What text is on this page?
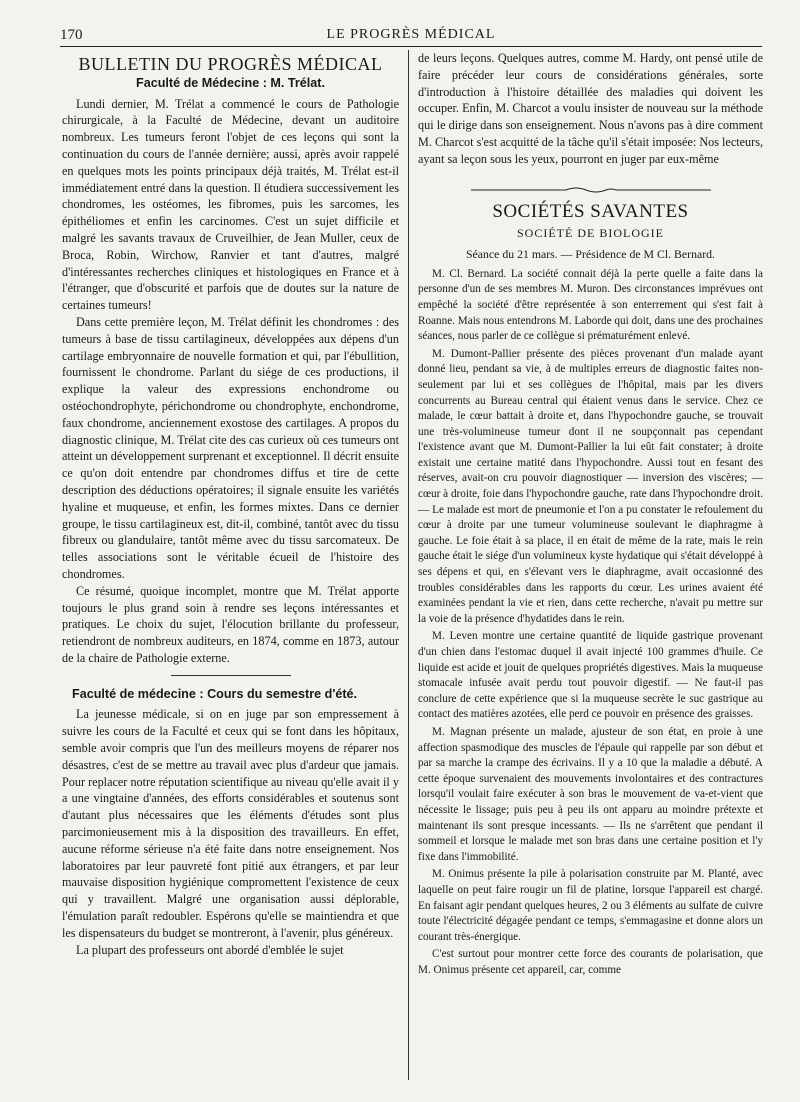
170	LE PROGRÈS MÉDICAL
BULLETIN DU PROGRÈS MÉDICAL
Faculté de Médecine : M. Trélat.

Lundi dernier, M. Trélat a commencé le cours de Pathologie chirurgicale, à la Faculté de Médecine, devant un auditoire nombreux. Les tumeurs feront l'objet de ces leçons qui sont la continuation du cours de l'année dernière; aussi, après avoir rappelé en quelques mots les points principaux déjà traités, M. Trélat est-il immédiatement entré dans la question. Il étudiera successivement les chondromes, les ostéomes, les fibromes, puis les sarcomes, les épithéliomes et enfin les carcinomes. C'est un sujet difficile et malgré les savants travaux de Cruveilhier, de Jean Muller, ceux de Broca, Robin, Wirchow, Ranvier et tant d'autres, malgré d'intéressantes recherches cliniques et histologiques en France et à l'étranger, que d'obscurité et parfois que de doutes sur la nature de certaines tumeurs!

Dans cette première leçon, M. Trélat définit les chondromes : des tumeurs à base de tissu cartilagineux, développées aux dépens d'un cartilage embryonnaire de nouvelle formation et qui, par l'ébullition, fournissent le chondrome. Parlant du siége de ces productions, il explique la valeur des expressions enchondrome ou ostéochondrophyte, périchondrome ou chondrophyte, enchondrome, faux chondrome, anciennement exostose des cartilages. A propos du diagnostic clinique, M. Trélat cite des cas curieux où ces tumeurs ont atteint un développement surprenant et exceptionnel. Il décrit ensuite ce qu'on doit entendre par chondromes diffus et tire de cette description des déductions opératoires; il signale ensuite les variétés hyaline et muqueuse, et enfin, les formes mixtes. Dans ce dernier groupe, le tissu cartilagineux est, dit-il, combiné, tantôt avec du tissu fibreux ou glandulaire, tantôt même avec du tissu sarcomateux. De telles associations sont le véritable écueil de l'histoire des chondromes.

Ce résumé, quoique incomplet, montre que M. Trélat apporte toujours le plus grand soin à rendre ses leçons intéressantes et pratiques. Le choix du sujet, l'élocution brillante du professeur, retiendront de nombreux auditeurs, en 1874, comme en 1873, autour de la chaire de Pathologie externe.

Faculté de médecine : Cours du semestre d'été.

La jeunesse médicale, si on en juge par son empressement à suivre les cours de la Faculté et ceux qui se font dans les hôpitaux, semble avoir compris que l'un des meilleurs moyens de réparer nos désastres, c'est de se mettre au travail avec plus d'ardeur que jamais. Pour replacer notre réputation scientifique au niveau qu'elle avait il y a une vingtaine d'années, des efforts considérables et soutenus sont d'autant plus nécessaires que les éléments d'études sont plus parcimonieusement mis à la disposition des travailleurs. En effet, aucune réforme sérieuse n'a été faite dans notre enseignement. Nos laboratoires par leur pauvreté font pitié aux étrangers, et par leur mauvaise disposition hygiénique compromettent l'existence de ceux qui y travaillent. Malgré une organisation aussi déplorable, l'émulation paraît redoubler. Espérons qu'elle se maintiendra et que les dispensateurs du budget se montreront, à l'avenir, plus généreux.

La plupart des professeurs ont abordé d'emblée le sujet

de leurs leçons. Quelques autres, comme M. Hardy, ont pensé utile de faire précéder leur cours de considérations générales, sorte d'introduction à l'histoire détaillée des maladies qui doivent les occuper. Enfin, M. Charcot a voulu insister de nouveau sur la méthode qui le dirige dans son enseignement. Nous n'avons pas à dire comment M. Charcot s'est acquitté de la tâche qu'il s'était imposée: Nos lecteurs, ayant sa leçon sous les yeux, pourront en juger par eux-même

SOCIÉTÉS SAVANTES
SOCIÉTÉ DE BIOLOGIE
Séance du 21 mars. — Présidence de M Cl. Bernard.

M. Cl. Bernard. La société connait déjà la perte quelle a faite dans la personne d'un de ses membres M. Muron. Des circonstances imprévues ont empêché la société d'être représentée à son enterrement qui s'est fait à Roanne. Mais nous entendrons M. Laborde qui doit, dans une des prochaines séances, nous parler de ce collègue si prématurément enlevé.

M. Dumont-Pallier présente des pièces provenant d'un malade ayant donné lieu, pendant sa vie, à de multiples erreurs de diagnostic faites non-seulement par lui et ses collègues de l'hôpital, mais par les divers concurrents au Bureau central qui étaient venus dans le service. Chez ce malade, le cœur battait à droite et, dans l'hypochondre gauche, se trouvait une très-volumineuse tumeur dont il ne soupçonnait pas cependant l'existence avant que M. Dumont-Pallier la lui eût fait constater; à droite existait une certaine matité dans l'hypochondre. Aussi tout en fesant des réserves, avait-on cru pouvoir diagnostiquer — inversion des viscères; — cœur à droite, foie dans l'hypochondre gauche, rate dans l'hypochondre droit. — Le malade est mort de pneumonie et l'on a pu constater le refoulement du cœur à droite par une tumeur volumineuse soulevant le diaphragme à gauche. Le foie était à sa place, il en était de même de la rate, mais le rein gauche était le siége d'un volumineux kyste hydatique qui s'était développé à ses dépens et qui, en s'élevant vers le diaphragme, avait occasionné des troubles considérables dans les rapports du cœur. Les urines avaient été examinées pendant la vie et rien, dans cette recherche, n'avait pu mettre sur la voie de la présence d'hydatides dans le rein.

M. Leven montre une certaine quantité de liquide gastrique provenant d'un chien dans l'estomac duquel il avait injecté 100 grammes d'huile. Ce liquide est acide et jouit de quelques propriétés digestives. Mais la muqueuse stomacale infusée avait perdu tout pouvoir digestif. — Ne faut-il pas conclure de cette expérience que si la muqueuse secrète le suc gastrique au contact des matières azotées, elle perd ce pouvoir en présence des graisses.

M. Magnan présente un malade, ajusteur de son état, en proie à une affection spasmodique des muscles de l'épaule qui rappelle par son début et par sa marche la crampe des écrivains. Il y a 10 que la maladie a débuté. A cette époque survenaient des mouvements involontaires et des contractures lorsqu'il voulait faire exécuter à son bras le mouvement de va-et-vient que nécessite le lissage; puis peu à peu ils ont apparu au moindre prétexte et maintenant ils sont presque incessants. — Ils ne s'arrêtent que pendant il sommeil et lorsque le malade met son bras dans une certaine position et l'y fixe dans l'immobilité.

M. Onimus présente la pile à polarisation construite par M. Planté, avec laquelle on peut faire rougir un fil de platine, lorsque l'appareil est chargé. En faisant agir pendant quelques heures, 2 ou 3 éléments au sulfate de cuivre toute l'électricité dégagée pendant ce temps, s'emmagasine et donne alors un courant très-énergique.

C'est surtout pour montrer cette force des courants de polarisation, que M. Onimus présente cet appareil, car, comme
